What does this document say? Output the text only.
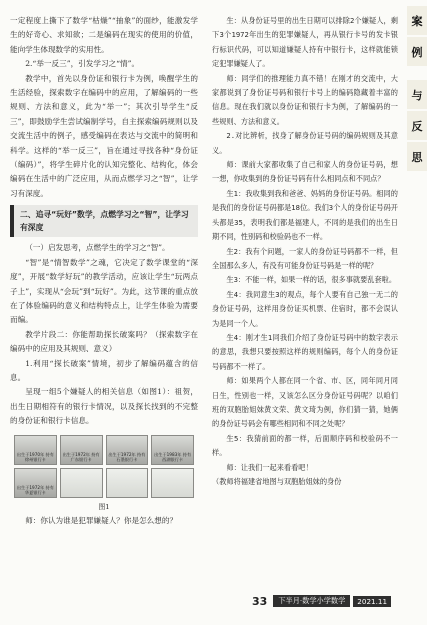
一定程度上撕下了数学“枯燥”“抽象”的面纱，能激发学生的好奇心、求知欲；二是编码在现实的使用的价值，能向学生体现数学的实用性。

2.“举一反三”，引发学习之“情”。

教学中，首先以身份证和银行卡为例，唤醒学生的生活经验，探索数字在编码中的应用，了解编码的一些规则、方法和意义，此为“举一”；其次引导学生“反三”，即鼓励学生尝试编制学号，自主探索编码规则以及交流生活中的例子，感受编码在表达与交流中的简明和科学。这样的“举一反三”，旨在通过寻找各种“身份证（编码）”，将学生碎片化的认知完整化、结构化，体会编码在生活中的广泛应用，从而点燃学习之“智”，让学习有深度。

二、追寻“玩好”数学，点燃学习之“智”，让学习有深度

（一）启发思考，点燃学生的学习之“智”。

“智”是“情智数学”之魂，它决定了数学课堂的“深度”，开展“数学好玩”的教学活动，应该让学生“玩两点子上”，实现从“会玩”到“玩好”。为此，这节课的重点放在了体验编码的意义和结构特点上，让学生体验为需要而编。

教学片段二：你能帮助探长破案吗？（探索数字在编码中的应用及其规则、意义）

1.利用“探长破案”情境，初步了解编码蕴含的信息。

呈现一组5个嫌疑人的相关信息（如图1）：祖贺，出生日期相符有的银行卡情况，以及探长找到的不完整的身份证和银行卡信息。

出生于1970年 持有徐州银行卡
出生于1972年 持有广东银行卡
出生于1972年 持有石墨银行卡
出生于1983年 持有西湖银行卡
出生于1972年 持有华夏银行卡
图1

师：你认为谁是犯罪嫌疑人？你是怎么想的？

生：从身份证号里的出生日期可以排除2个嫌疑人，剩下3个1972年出生的犯罪嫌疑人，再从银行卡号的发卡银行标识代码，可以知道嫌疑人持有中银行卡，这样就能锁定犯罪嫌疑人了。

师：同学们的推理能力真不错！在刚才的交流中，大家都说到了身份证号码和银行卡号上的编码隐藏着丰富的信息。现在我们就以身份证和银行卡为例，了解编码的一些规则、方法和意义。

2.对比辨析，找身了解身份证号码的编码规则及其意义。

师：课前大家都收集了自己和家人的身份证号码，想一想，你收集到的身份证号码有什么相同点和不同点？

生1：我收集到我和爸爸、妈妈的身份证号码。相同的是我们的身份证号码都是18位。我们3个人的身份证号码开头都是35，表明我们都是福建人，不同的是我们的出生日期不同，性别码和校验码也不一样。

生2：我有个问题，一家人的身份证号码都不一样，但全国那么多人，有没有可能身份证号码是一样的呢？

生3：不能一样，如果一样的话，很多事就要乱套啦。

生4：我同意生3的观点，每个人要有自己独一无二的身份证号码，这样用身份证买机票、住宿时，都不会误认为是同一个人。

生4：刚才生1同我们介绍了身份证号码中的数字表示的意思，我想只要按照这样的规则编码，每个人的身份证号码都不一样了。

师：如果两个人都在同一个省、市、区，同年同月同日生，性别也一样，又该怎么区分身份证号码呢？以咱们班的双胞胎姐妹黄文荣、黄文琦为例，你们猜一猜，她俩的身份证号码会有哪些相同和不同之处呢？

生5：我猜前面的都一样，后面顺序码和校验码不一样。

师：让我们一起来看看吧！

（教师将福建省地图与双胞胎姐妹的身份

案
例
与
反
思
33	下半月·数学小学数学	2021.11
